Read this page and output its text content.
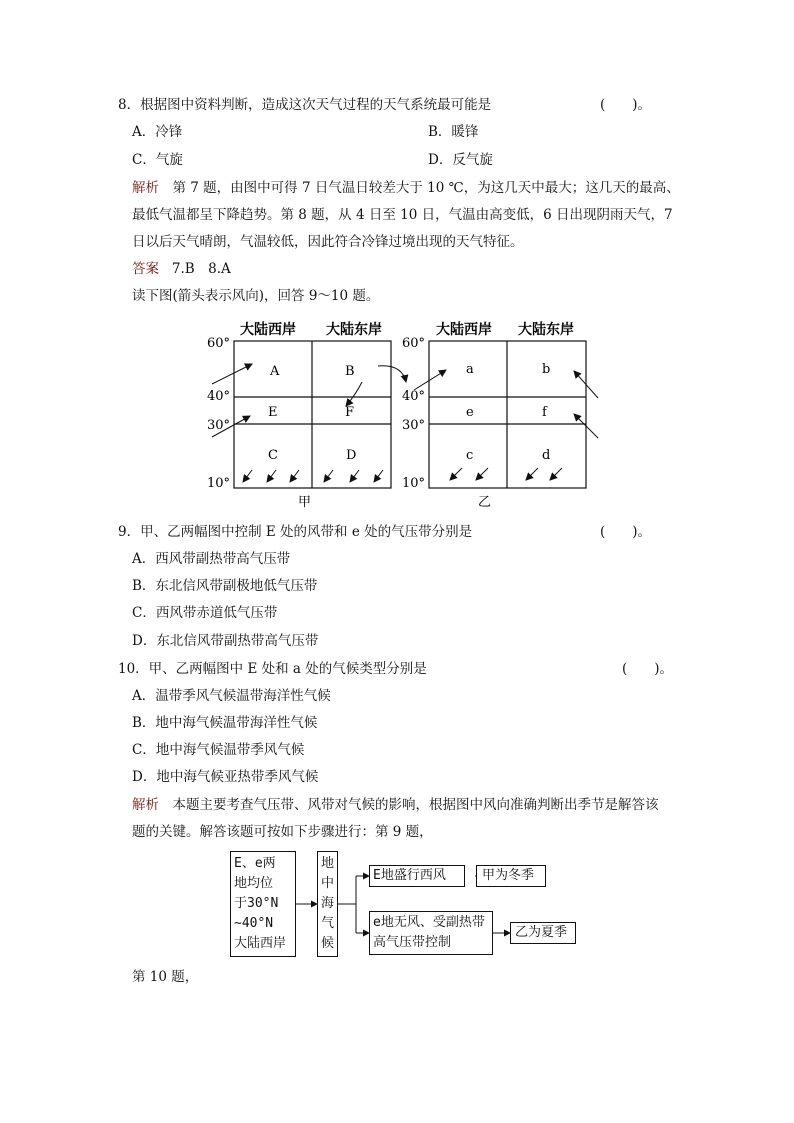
8．根据图中资料判断，造成这次天气过程的天气系统最可能是	(　　)。
A．冷锋	B．暖锋
C．气旋	D．反气旋
解析　第 7 题，由图中可得 7 日气温日较差大于 10 ℃，为这几天中最大；这几天的最高、
最低气温都呈下降趋势。第 8 题，从 4 日至 10 日，气温由高变低，6 日出现阴雨天气，7
日以后天气晴朗，气温较低，因此符合冷锋过境出现的天气特征。
答案 7.B　8.A
读下图(箭头表示风向)，回答 9～10 题。
大陆西岸 大陆东岸	大陆西岸 大陆东岸
60°
40°
30°
10°
60°
40°
30°
10°
A	B
E	F
C	D
a	b
e	f
c	d
甲	乙
9．甲、乙两幅图中控制 E 处的风带和 e 处的气压带分别是	(　　)。
A．西风带副热带高气压带
B．东北信风带副极地低气压带
C．西风带赤道低气压带
D．东北信风带副热带高气压带
10．甲、乙两幅图中 E 处和 a 处的气候类型分别是	(　　)。
A．温带季风气候温带海洋性气候
B．地中海气候温带海洋性气候
C．地中海气候温带季风气候
D．地中海气候亚热带季风气候
解析　本题主要考查气压带、风带对气候的影响，根据图中风向准确判断出季节是解答该
题的关键。解答该题可按如下步骤进行：第 9 题，
E、e两
地均位
于30°N
~40°N
大陆西岸
地
中
海
气
候
E地盛行西风	甲为冬季
e地无风、受副热带
高气压带控制
乙为夏季
第 10 题，
